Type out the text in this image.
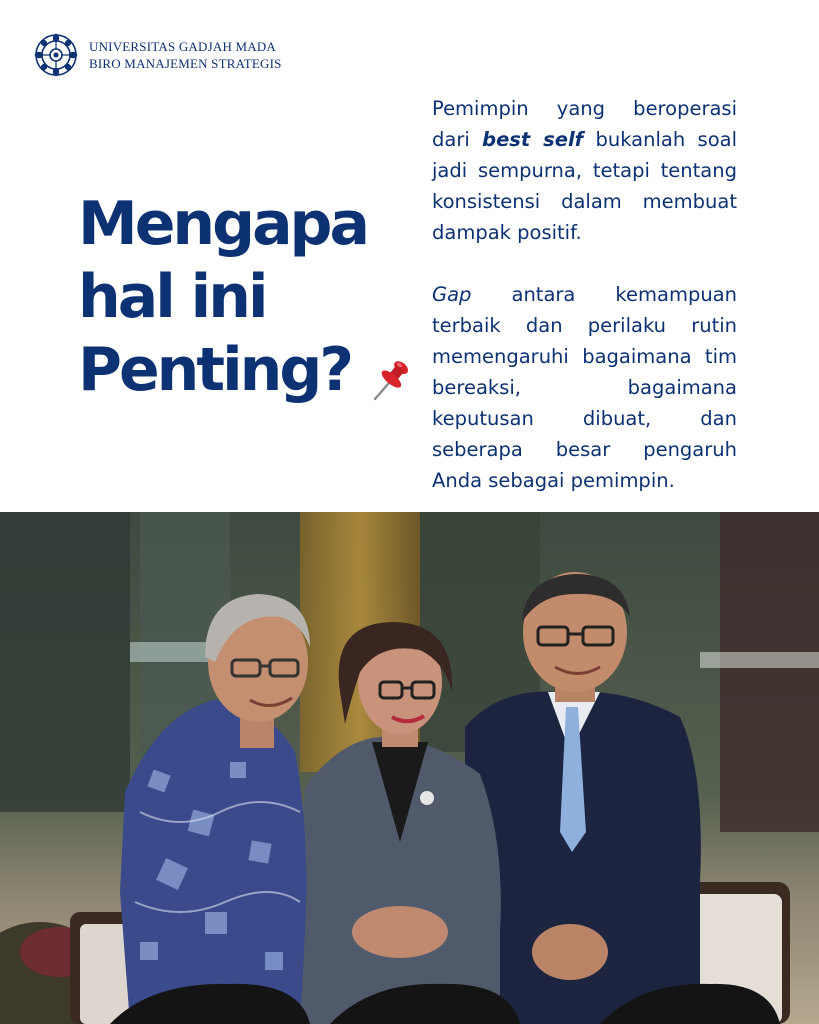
UNIVERSITAS GADJAH MADA
BIRO MANAJEMEN STRATEGIS
Mengapa
hal ini
Penting?

Pemimpin yang beroperasi dari best self bukanlah soal jadi sempurna, tetapi tentang konsistensi dalam membuat dampak positif.

Gap antara kemampuan terbaik dan perilaku rutin memengaruhi bagaimana tim bereaksi, bagaimana keputusan dibuat, dan seberapa besar pengaruh Anda sebagai pemimpin.
